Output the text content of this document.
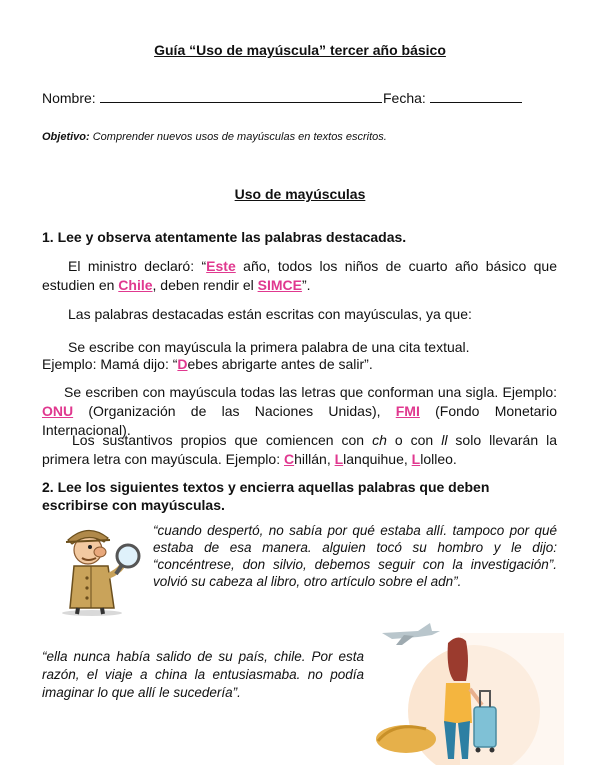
Guía “Uso de mayúscula” tercer año básico
Nombre:	Fecha:
Objetivo: Comprender nuevos usos de mayúsculas en textos escritos.
Uso de mayúsculas
1. Lee y observa atentamente las palabras destacadas.
El ministro declaró: “Este año, todos los niños de cuarto año básico que estudien en Chile, deben rendir el SIMCE”.
Las palabras destacadas están escritas con mayúsculas, ya que:
Se escribe con mayúscula la primera palabra de una cita textual.
Ejemplo: Mamá dijo: “Debes abrigarte antes de salir”.
Se escriben con mayúscula todas las letras que conforman una sigla. Ejemplo: ONU (Organización de las Naciones Unidas), FMI (Fondo Monetario Internacional).
Los sustantivos propios que comiencen con ch o con ll solo llevarán la primera letra con mayúscula. Ejemplo: Chillán, Llanquihue, Llolleo.
2. Lee los siguientes textos y encierra aquellas palabras que deben escribirse con mayúsculas.
“cuando despertó, no sabía por qué estaba allí. tampoco por qué estaba de esa manera. alguien tocó su hombro y le dijo: “concéntrese, don silvio, debemos seguir con la investigación”. volvió su cabeza al libro, otro artículo sobre el adn”.
“ella nunca había salido de su país, chile. Por esta razón, el viaje a china la entusiasmaba. no podía imaginar lo que allí le sucedería”.
